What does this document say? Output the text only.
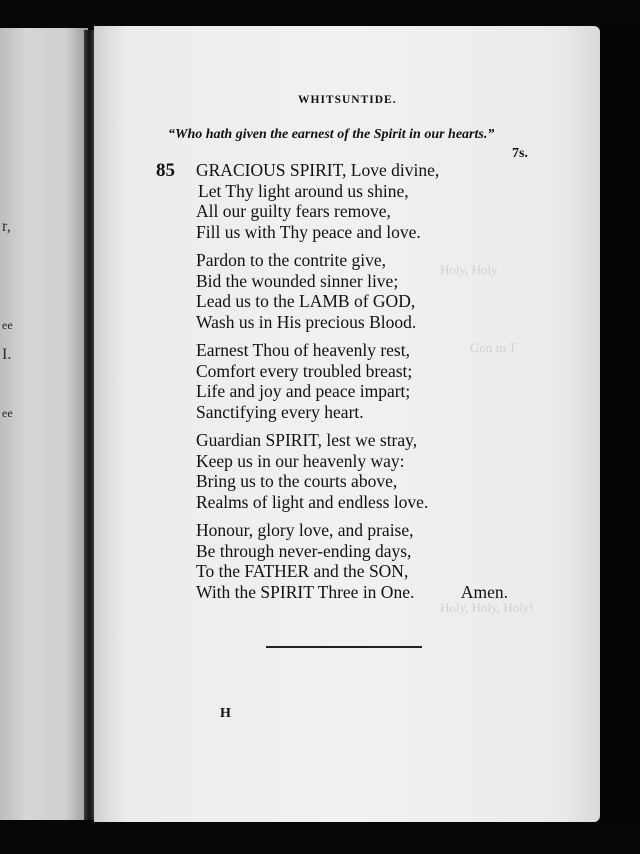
r,
ee
I.
ee
Holy, Holy
Gon in T
Holy, Holy, Holy!
WHITSUNTIDE.
“Who hath given the earnest of the Spirit in our hearts.”
7s.
85 GRACIOUS SPIRIT, Love divine,
Let Thy light around us shine,
All our guilty fears remove,
Fill us with Thy peace and love.
Pardon to the contrite give,
Bid the wounded sinner live;
Lead us to the LAMB of GOD,
Wash us in His precious Blood.
Earnest Thou of heavenly rest,
Comfort every troubled breast;
Life and joy and peace impart;
Sanctifying every heart.
Guardian SPIRIT, lest we stray,
Keep us in our heavenly way:
Bring us to the courts above,
Realms of light and endless love.
Honour, glory love, and praise,
Be through never-ending days,
To the FATHER and the SON,
With the SPIRIT Three in One.	Amen.
H
